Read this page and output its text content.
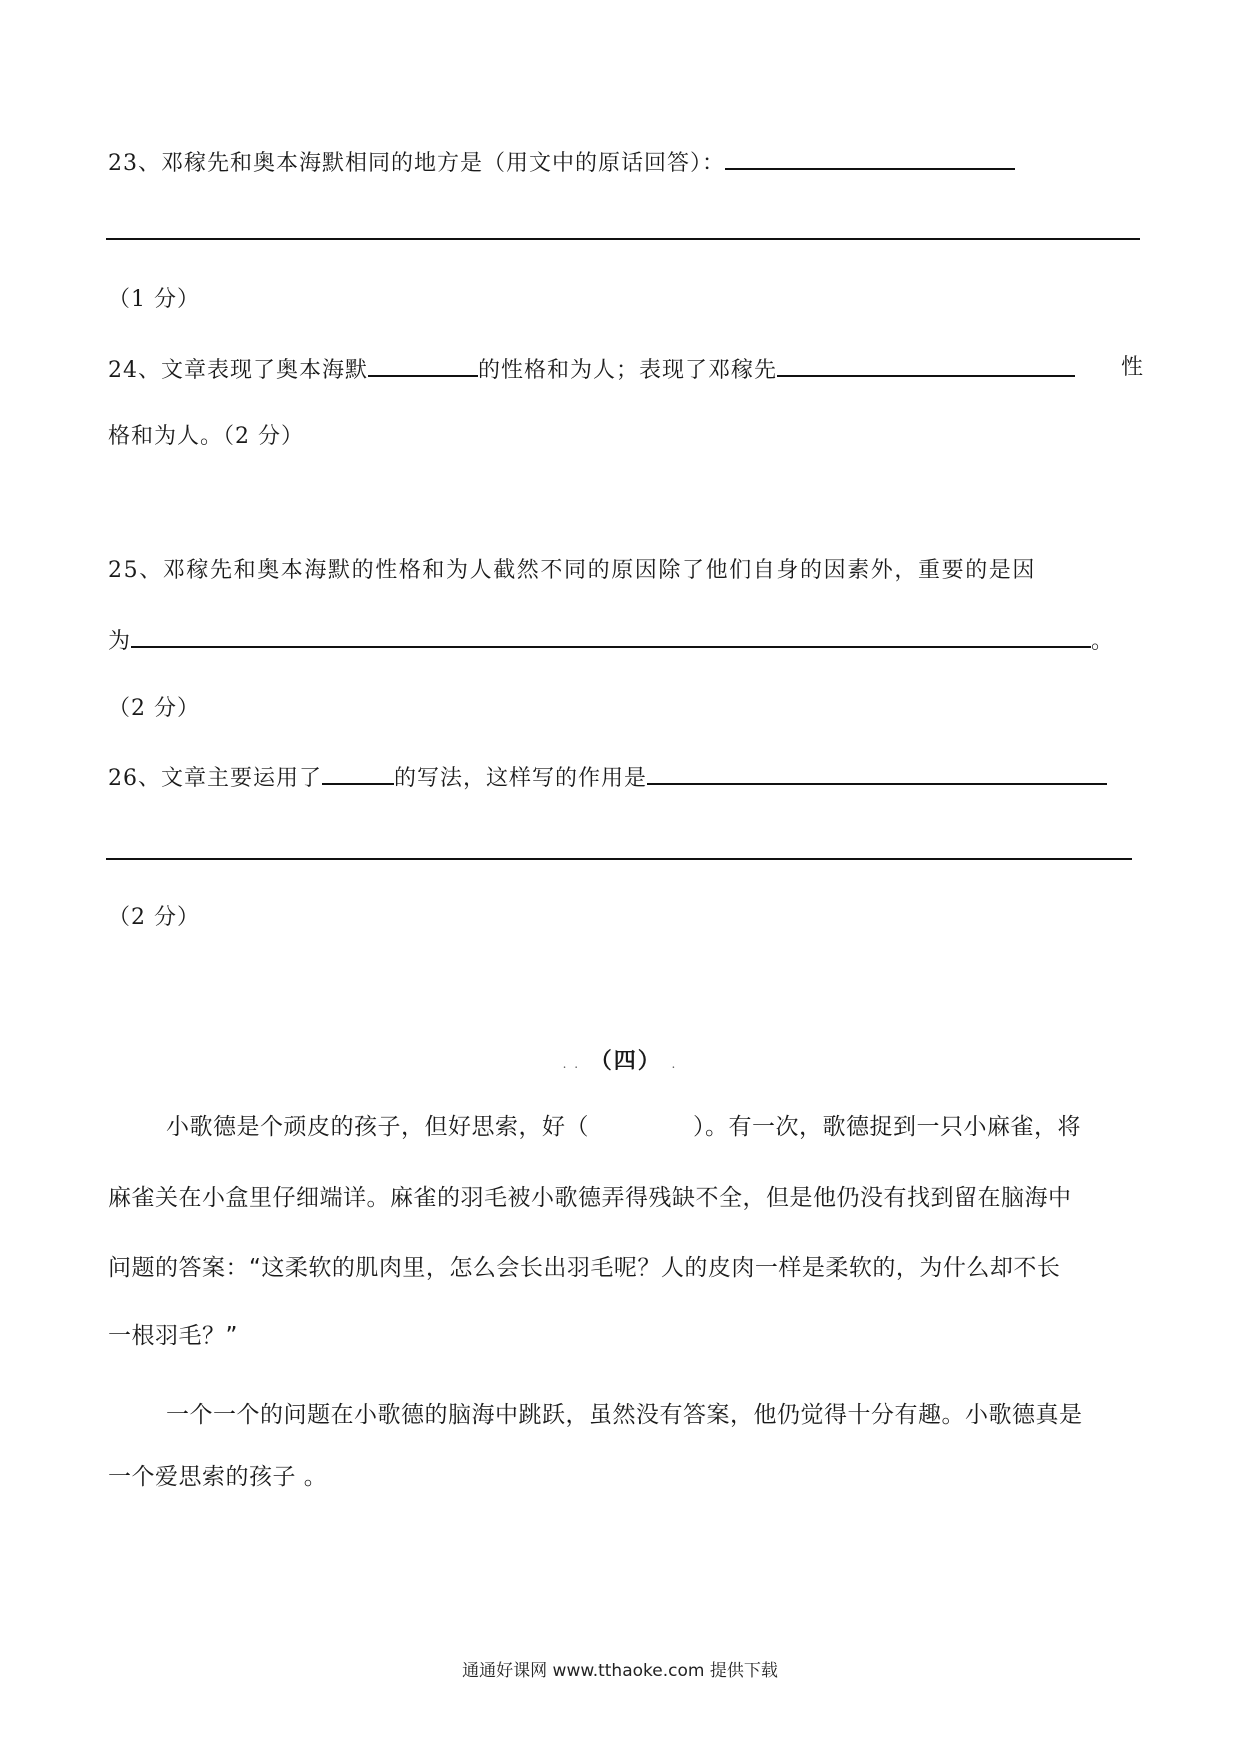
23、邓稼先和奥本海默相同的地方是（用文中的原话回答）：
（1 分）
24、文章表现了奥本海默	的性格和为人；表现了邓稼先	性
格和为人。（2 分）
25、邓稼先和奥本海默的性格和为人截然不同的原因除了他们自身的因素外，重要的是因
为	。
（2 分）
26、文章主要运用了	的写法，这样写的作用是
（2 分）
. . （四） .
小歌德是个顽皮的孩子，但好思索，好（	）。有一次，歌德捉到一只小麻雀，将
麻雀关在小盒里仔细端详。麻雀的羽毛被小歌德弄得残缺不全，但是他仍没有找到留在脑海中
问题的答案：“这柔软的肌肉里，怎么会长出羽毛呢？人的皮肉一样是柔软的，为什么却不长
一根羽毛？”
一个一个的问题在小歌德的脑海中跳跃，虽然没有答案，他仍觉得十分有趣。小歌德真是
一个爱思索的孩子 。
通通好课网 www.tthaoke.com 提供下载
